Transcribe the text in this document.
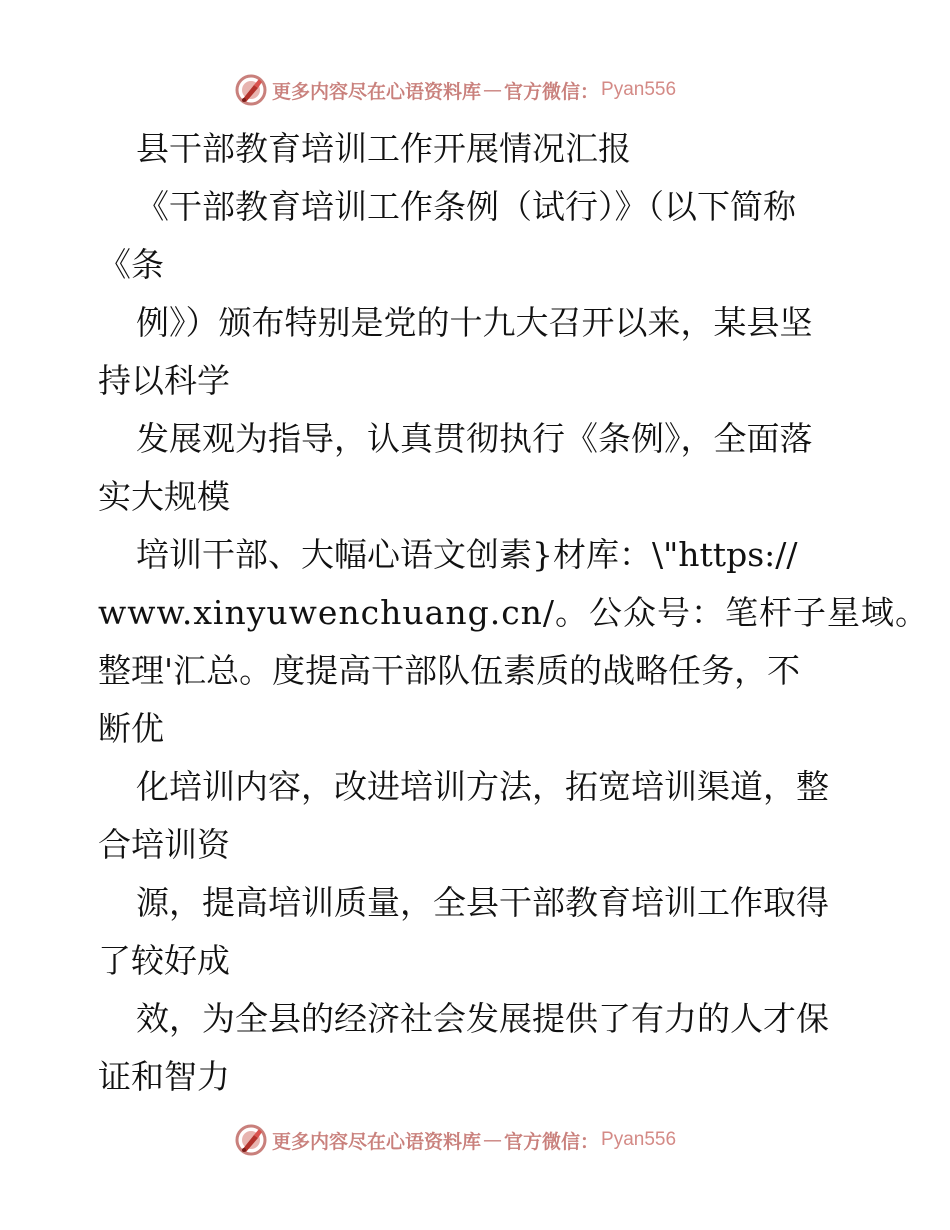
更多内容尽在心语资料库 — 官方微信： Pyan556
县干部教育培训工作开展情况汇报
《干部教育培训工作条例（试行）》（以下简称
《条
例》）颁布特别是党的十九大召开以来，某县坚
持以科学
发展观为指导，认真贯彻执行《条例》，全面落
实大规模
培训干部、大幅心语文创素}材库：\"https://
www.xinyuwenchuang.cn/。公众号：笔杆子星域。
整理'汇总。度提高干部队伍素质的战略任务，不
断优
化培训内容，改进培训方法，拓宽培训渠道，整
合培训资
源，提高培训质量，全县干部教育培训工作取得
了较好成
效，为全县的经济社会发展提供了有力的人才保
证和智力
更多内容尽在心语资料库 — 官方微信： Pyan556
